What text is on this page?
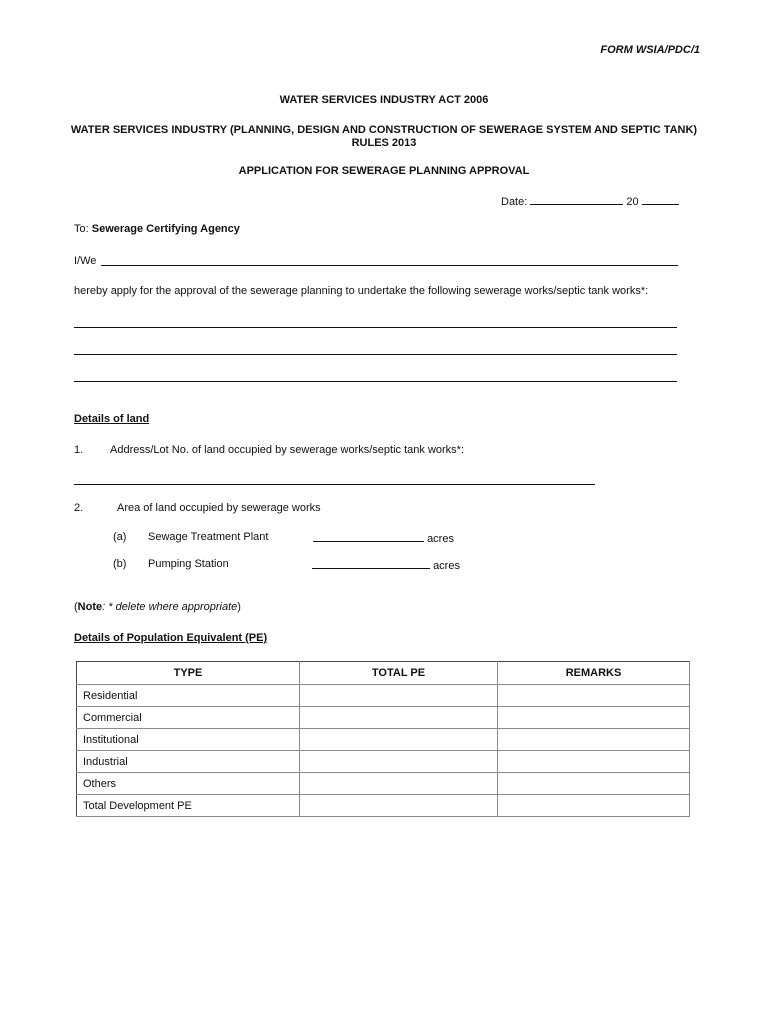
FORM WSIA/PDC/1
WATER SERVICES INDUSTRY ACT 2006
WATER SERVICES INDUSTRY (PLANNING, DESIGN AND CONSTRUCTION OF SEWERAGE SYSTEM AND SEPTIC TANK) RULES 2013
APPLICATION FOR SEWERAGE PLANNING APPROVAL
Date:	20
To: Sewerage Certifying Agency
I/We
hereby apply for the approval of the sewerage planning to undertake the following sewerage works/septic tank works*:
Details of land
1. Address/Lot No. of land occupied by sewerage works/septic tank works*:
2.	Area of land occupied by sewerage works
(a) Sewage Treatment Plant	acres
(b) Pumping Station	acres
(Note: * delete where appropriate)
Details of Population Equivalent (PE)
TYPE	TOTAL PE	REMARKS
Residential		
Commercial		
Institutional		
Industrial		
Others		
Total Development PE		
